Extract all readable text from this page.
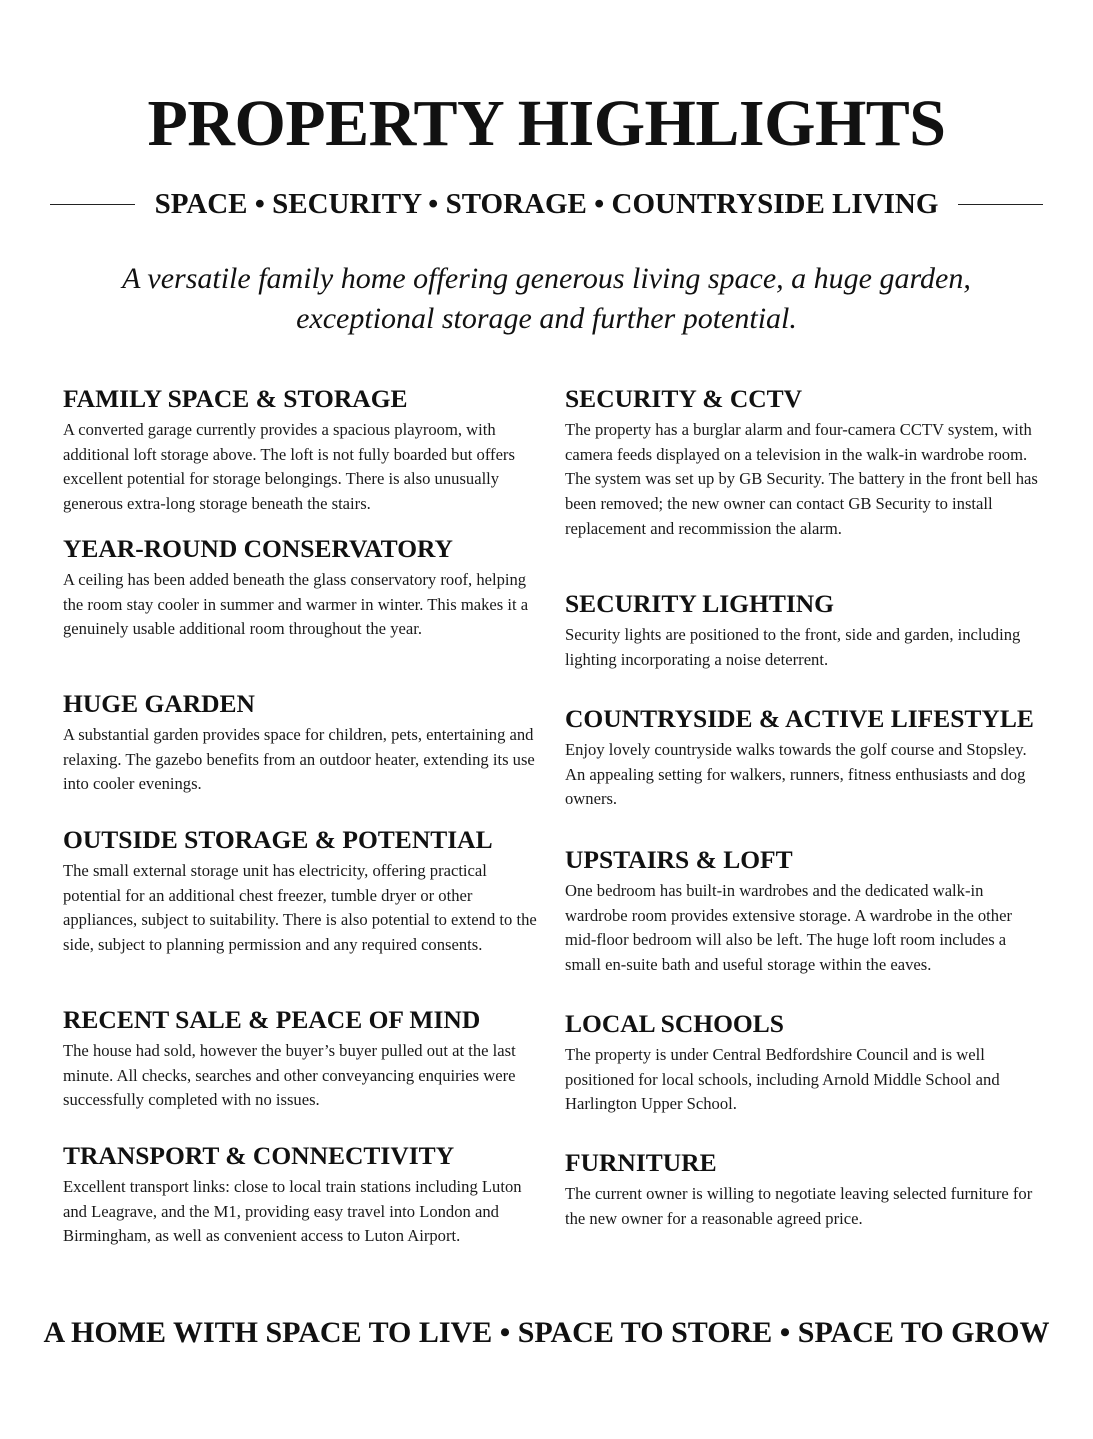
PROPERTY HIGHLIGHTS
SPACE • SECURITY • STORAGE • COUNTRYSIDE LIVING

A versatile family home offering generous living space, a huge garden, exceptional storage and further potential.

FAMILY SPACE & STORAGE

A converted garage currently provides a spacious playroom, with additional loft storage above. The loft is not fully boarded but offers excellent potential for storage belongings. There is also unusually generous extra-long storage beneath the stairs.

YEAR-ROUND CONSERVATORY

A ceiling has been added beneath the glass conservatory roof, helping the room stay cooler in summer and warmer in winter. This makes it a genuinely usable additional room throughout the year.

HUGE GARDEN

A substantial garden provides space for children, pets, entertaining and relaxing. The gazebo benefits from an outdoor heater, extending its use into cooler evenings.

OUTSIDE STORAGE & POTENTIAL

The small external storage unit has electricity, offering practical potential for an additional chest freezer, tumble dryer or other appliances, subject to suitability. There is also potential to extend to the side, subject to planning permission and any required consents.

RECENT SALE & PEACE OF MIND

The house had sold, however the buyer’s buyer pulled out at the last minute. All checks, searches and other conveyancing enquiries were successfully completed with no issues.

TRANSPORT & CONNECTIVITY

Excellent transport links: close to local train stations including Luton and Leagrave, and the M1, providing easy travel into London and Birmingham, as well as convenient access to Luton Airport.

SECURITY & CCTV

The property has a burglar alarm and four-camera CCTV system, with camera feeds displayed on a television in the walk-in wardrobe room. The system was set up by GB Security. The battery in the front bell has been removed; the new owner can contact GB Security to install replacement and recommission the alarm.

SECURITY LIGHTING

Security lights are positioned to the front, side and garden, including lighting incorporating a noise deterrent.

COUNTRYSIDE & ACTIVE LIFESTYLE

Enjoy lovely countryside walks towards the golf course and Stopsley. An appealing setting for walkers, runners, fitness enthusiasts and dog owners.

UPSTAIRS & LOFT

One bedroom has built-in wardrobes and the dedicated walk-in wardrobe room provides extensive storage. A wardrobe in the other mid-floor bedroom will also be left. The huge loft room includes a small en-suite bath and useful storage within the eaves.

LOCAL SCHOOLS

The property is under Central Bedfordshire Council and is well positioned for local schools, including Arnold Middle School and Harlington Upper School.

FURNITURE

The current owner is willing to negotiate leaving selected furniture for the new owner for a reasonable agreed price.

A HOME WITH SPACE TO LIVE • SPACE TO STORE • SPACE TO GROW
